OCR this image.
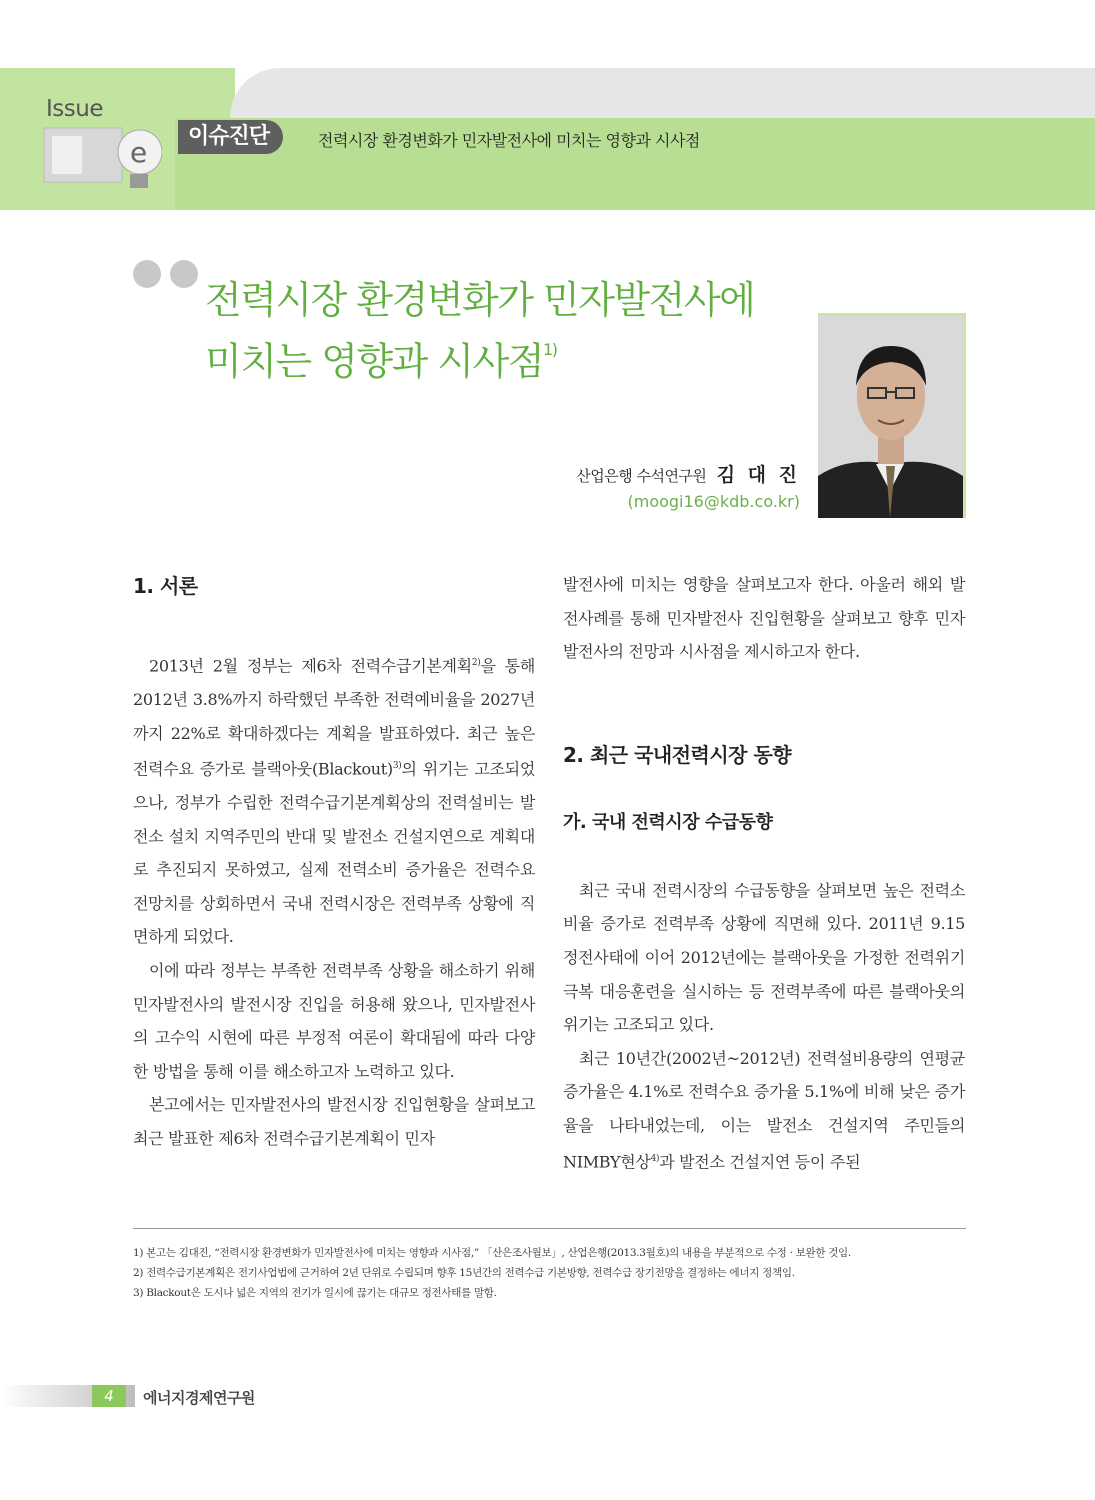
Issue
e	이슈진단	전력시장 환경변화가 민자발전사에 미치는 영향과 시사점
전력시장 환경변화가 민자발전사에
미치는 영향과 시사점$^{1)}$
산업은행 수석연구원 김 대 진
(moogi16@kdb.co.kr)
1. 서론

2013년 2월 정부는 제6차 전력수급기본계획$^{2)}$을 통해 2012년 3.8%까지 하락했던 부족한 전력예비율을 2027년까지 22%로 확대하겠다는 계획을 발표하였다. 최근 높은 전력수요 증가로 블랙아웃(Blackout)$^{3)}$의 위기는 고조되었으나, 정부가 수립한 전력수급기본계획상의 전력설비는 발전소 설치 지역주민의 반대 및 발전소 건설지연으로 계획대로 추진되지 못하였고, 실제 전력소비 증가율은 전력수요 전망치를 상회하면서 국내 전력시장은 전력부족 상황에 직면하게 되었다.

이에 따라 정부는 부족한 전력부족 상황을 해소하기 위해 민자발전사의 발전시장 진입을 허용해 왔으나, 민자발전사의 고수익 시현에 따른 부정적 여론이 확대됨에 따라 다양한 방법을 통해 이를 해소하고자 노력하고 있다.

본고에서는 민자발전사의 발전시장 진입현황을 살펴보고 최근 발표한 제6차 전력수급기본계획이 민자

발전사에 미치는 영향을 살펴보고자 한다. 아울러 해외 발전사례를 통해 민자발전사 진입현황을 살펴보고 향후 민자발전사의 전망과 시사점을 제시하고자 한다.

2. 최근 국내전력시장 동향
가. 국내 전력시장 수급동향

최근 국내 전력시장의 수급동향을 살펴보면 높은 전력소비율 증가로 전력부족 상황에 직면해 있다. 2011년 9.15 정전사태에 이어 2012년에는 블랙아웃을 가정한 전력위기 극복 대응훈련을 실시하는 등 전력부족에 따른 블랙아웃의 위기는 고조되고 있다.

최근 10년간(2002년~2012년) 전력설비용량의 연평균증가율은 4.1%로 전력수요 증가율 5.1%에 비해 낮은 증가율을 나타내었는데, 이는 발전소 건설지역 주민들의 NIMBY현상$^{4)}$과 발전소 건설지연 등이 주된

1) 본고는 김대진, “전력시장 환경변화가 민자발전사에 미치는 영향과 시사점,” 「산은조사월보」, 산업은행(2013.3월호)의 내용을 부분적으로 수정 · 보완한 것임.

2) 전력수급기본계획은 전기사업법에 근거하여 2년 단위로 수립되며 향후 15년간의 전력수급 기본방향, 전력수급 장기전망을 결정하는 에너지 정책임.

3) Blackout은 도시나 넓은 지역의 전기가 일시에 끊기는 대규모 정전사태를 말함.

4	에너지경제연구원
